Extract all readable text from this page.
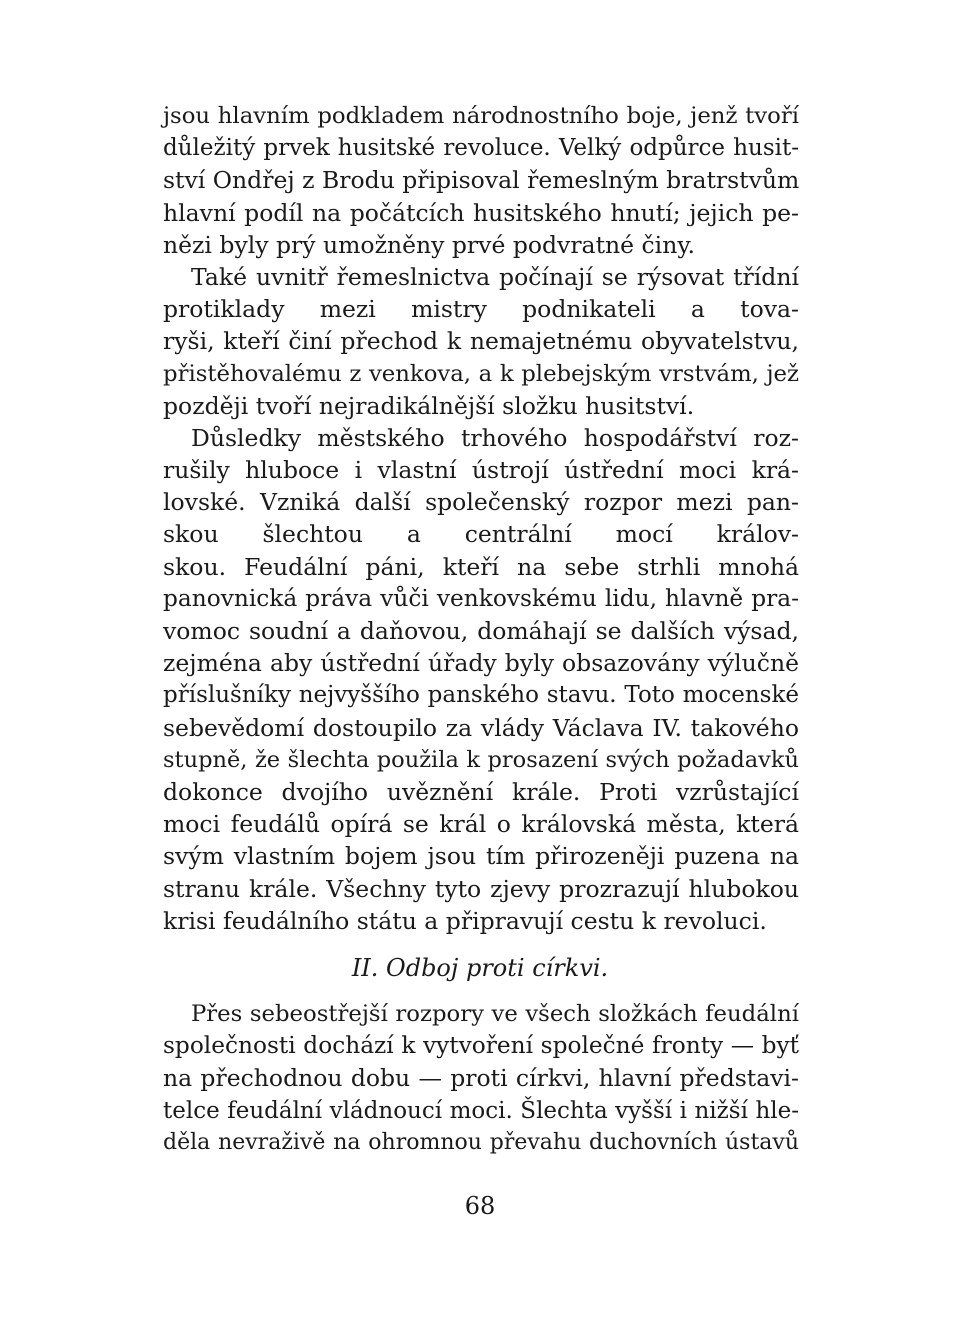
jsou hlavním podkladem národnostního boje, jenž tvoří
důležitý prvek husitské revoluce. Velký odpůrce husit-
ství Ondřej z Brodu připisoval řemeslným bratrstvům
hlavní podíl na počátcích husitského hnutí; jejich pe-
nězi byly prý umožněny prvé podvratné činy.
Také uvnitř řemeslnictva počínají se rýsovat třídní
protiklady mezi mistry podnikateli a tova-
ryši, kteří činí přechod k nemajetnému obyvatelstvu,
přistěhovalému z venkova, a k plebejským vrstvám, jež
později tvoří nejradikálnější složku husitství.
Důsledky městského trhového hospodářství roz-
rušily hluboce i vlastní ústrojí ústřední moci krá-
lovské. Vzniká další společenský rozpor mezi pan-
skou šlechtou a centrální mocí králov-
skou. Feudální páni, kteří na sebe strhli mnohá
panovnická práva vůči venkovskému lidu, hlavně pra-
vomoc soudní a daňovou, domáhají se dalších výsad,
zejména aby ústřední úřady byly obsazovány výlučně
příslušníky nejvyššího panského stavu. Toto mocenské
sebevědomí dostoupilo za vlády Václava IV. takového
stupně, že šlechta použila k prosazení svých požadavků
dokonce dvojího uvěznění krále. Proti vzrůstající
moci feudálů opírá se král o královská města, která
svým vlastním bojem jsou tím přirozeněji puzena na
stranu krále. Všechny tyto zjevy prozrazují hlubokou
krisi feudálního státu a připravují cestu k revoluci.
II. Odboj proti církvi.
Přes sebeostřejší rozpory ve všech složkách feudální
společnosti dochází k vytvoření společné fronty — byť
na přechodnou dobu — proti církvi, hlavní představi-
telce feudální vládnoucí moci. Šlechta vyšší i nižší hle-
děla nevraživě na ohromnou převahu duchovních ústavů
68
